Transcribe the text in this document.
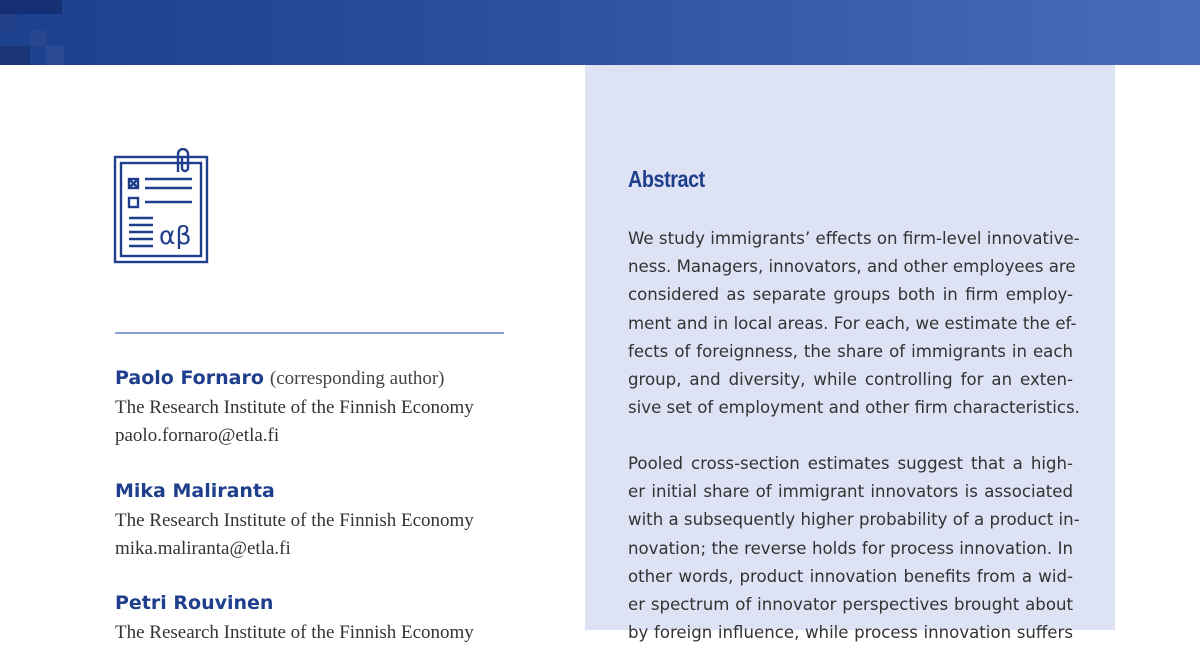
αβ
Paolo Fornaro (corresponding author)
The Research Institute of the Finnish Economy
paolo.fornaro@etla.fi
Mika Maliranta
The Research Institute of the Finnish Economy
mika.maliranta@etla.fi
Petri Rouvinen
The Research Institute of the Finnish Economy
Abstract

We study immigrants’ effects on firm-level innovative-
ness. Managers, innovators, and other employees are
considered as separate groups both in firm employ-
ment and in local areas. For each, we estimate the ef-
fects of foreignness, the share of immigrants in each
group, and diversity, while controlling for an exten-
sive set of employment and other firm characteristics.

Pooled cross-section estimates suggest that a high-
er initial share of immigrant innovators is associated
with a subsequently higher probability of a product in-
novation; the reverse holds for process innovation. In
other words, product innovation benefits from a wid-
er spectrum of innovator perspectives brought about
by foreign influence, while process innovation suffers
